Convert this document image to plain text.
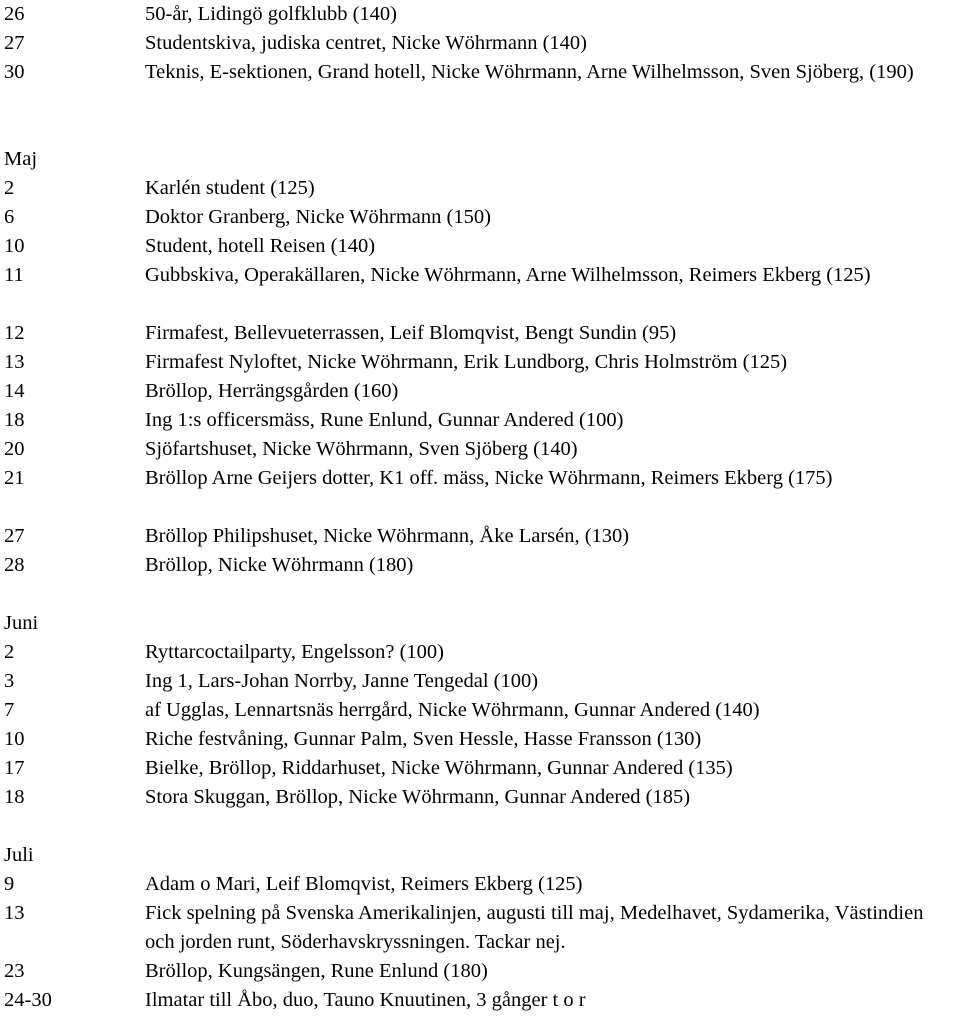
26	50-år, Lidingö golfklubb (140)
27	Studentskiva, judiska centret, Nicke Wöhrmann (140)
30	Teknis, E-sektionen, Grand hotell, Nicke Wöhrmann, Arne Wilhelmsson, Sven Sjöberg, (190)
Maj
2	Karlén student (125)
6	Doktor Granberg, Nicke Wöhrmann (150)
10	Student, hotell Reisen (140)
11	Gubbskiva, Operakällaren, Nicke Wöhrmann, Arne Wilhelmsson, Reimers Ekberg (125)
12	Firmafest, Bellevueterrassen, Leif Blomqvist, Bengt Sundin (95)
13	Firmafest Nyloftet, Nicke Wöhrmann, Erik Lundborg, Chris Holmström (125)
14	Bröllop, Herrängsgården (160)
18	Ing 1:s officersmäss, Rune Enlund, Gunnar Andered (100)
20	Sjöfartshuset, Nicke Wöhrmann, Sven Sjöberg (140)
21	Bröllop Arne Geijers dotter, K1 off. mäss, Nicke Wöhrmann, Reimers Ekberg (175)
27	Bröllop Philipshuset, Nicke Wöhrmann, Åke Larsén, (130)
28	Bröllop, Nicke Wöhrmann (180)
Juni
2	Ryttarcoctailparty, Engelsson? (100)
3	Ing 1, Lars-Johan Norrby, Janne Tengedal (100)
7	af Ugglas, Lennartsnäs herrgård, Nicke Wöhrmann, Gunnar Andered (140)
10	Riche festvåning, Gunnar Palm, Sven Hessle, Hasse Fransson (130)
17	Bielke, Bröllop, Riddarhuset, Nicke Wöhrmann, Gunnar Andered (135)
18	Stora Skuggan, Bröllop, Nicke Wöhrmann, Gunnar Andered (185)
Juli
9	Adam o Mari, Leif Blomqvist, Reimers Ekberg (125)
13	Fick spelning på Svenska Amerikalinjen, augusti till maj, Medelhavet, Sydamerika, Västindien och jorden runt, Söderhavskryssningen. Tackar nej.
23	Bröllop, Kungsängen, Rune Enlund (180)
24-30	Ilmatar till Åbo, duo, Tauno Knuutinen, 3 gånger t o r
